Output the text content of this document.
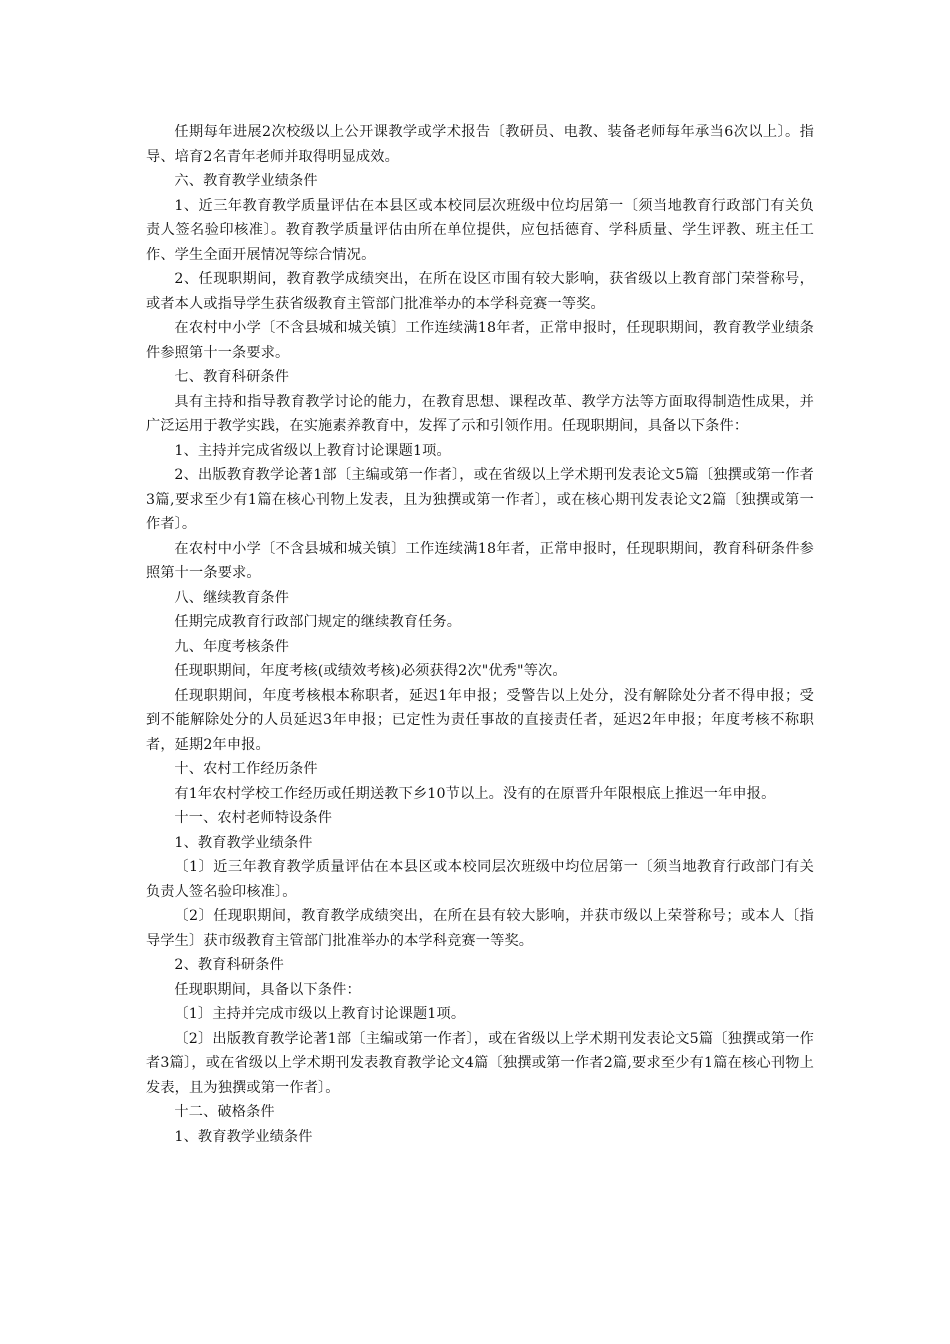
任期每年进展2次校级以上公开课教学或学术报告〔教研员、电教、装备老师每年承当6次以上〕。指导、培育2名青年老师并取得明显成效。

六、教育教学业绩条件

1、近三年教育教学质量评估在本县区或本校同层次班级中位均居第一〔须当地教育行政部门有关负责人签名验印核准〕。教育教学质量评估由所在单位提供，应包括德育、学科质量、学生评教、班主任工作、学生全面开展情况等综合情况。

2、任现职期间，教育教学成绩突出，在所在设区市围有较大影响，获省级以上教育部门荣誉称号，或者本人或指导学生获省级教育主管部门批准举办的本学科竞赛一等奖。

在农村中小学〔不含县城和城关镇〕工作连续满18年者，正常申报时，任现职期间，教育教学业绩条件参照第十一条要求。

七、教育科研条件

具有主持和指导教育教学讨论的能力，在教育思想、课程改革、教学方法等方面取得制造性成果，并广泛运用于教学实践，在实施素养教育中，发挥了示和引领作用。任现职期间，具备以下条件：

1、主持并完成省级以上教育讨论课题1项。

2、出版教育教学论著1部〔主编或第一作者〕，或在省级以上学术期刊发表论文5篇〔独撰或第一作者3篇,要求至少有1篇在核心刊物上发表，且为独撰或第一作者〕，或在核心期刊发表论文2篇〔独撰或第一作者〕。

在农村中小学〔不含县城和城关镇〕工作连续满18年者，正常申报时，任现职期间，教育科研条件参照第十一条要求。

八、继续教育条件

任期完成教育行政部门规定的继续教育任务。

九、年度考核条件

任现职期间，年度考核(或绩效考核)必须获得2次"优秀"等次。

任现职期间，年度考核根本称职者，延迟1年申报；受警告以上处分，没有解除处分者不得申报；受到不能解除处分的人员延迟3年申报；已定性为责任事故的直接责任者，延迟2年申报；年度考核不称职者，延期2年申报。

十、农村工作经历条件

有1年农村学校工作经历或任期送教下乡10节以上。没有的在原晋升年限根底上推迟一年申报。

十一、农村老师特设条件

1、教育教学业绩条件

〔1〕近三年教育教学质量评估在本县区或本校同层次班级中均位居第一〔须当地教育行政部门有关负责人签名验印核准〕。

〔2〕任现职期间，教育教学成绩突出，在所在县有较大影响，并获市级以上荣誉称号；或本人〔指导学生〕获市级教育主管部门批准举办的本学科竞赛一等奖。

2、教育科研条件

任现职期间，具备以下条件：

〔1〕主持并完成市级以上教育讨论课题1项。

〔2〕出版教育教学论著1部〔主编或第一作者〕，或在省级以上学术期刊发表论文5篇〔独撰或第一作者3篇〕，或在省级以上学术期刊发表教育教学论文4篇〔独撰或第一作者2篇,要求至少有1篇在核心刊物上发表，且为独撰或第一作者〕。

十二、破格条件

1、教育教学业绩条件
